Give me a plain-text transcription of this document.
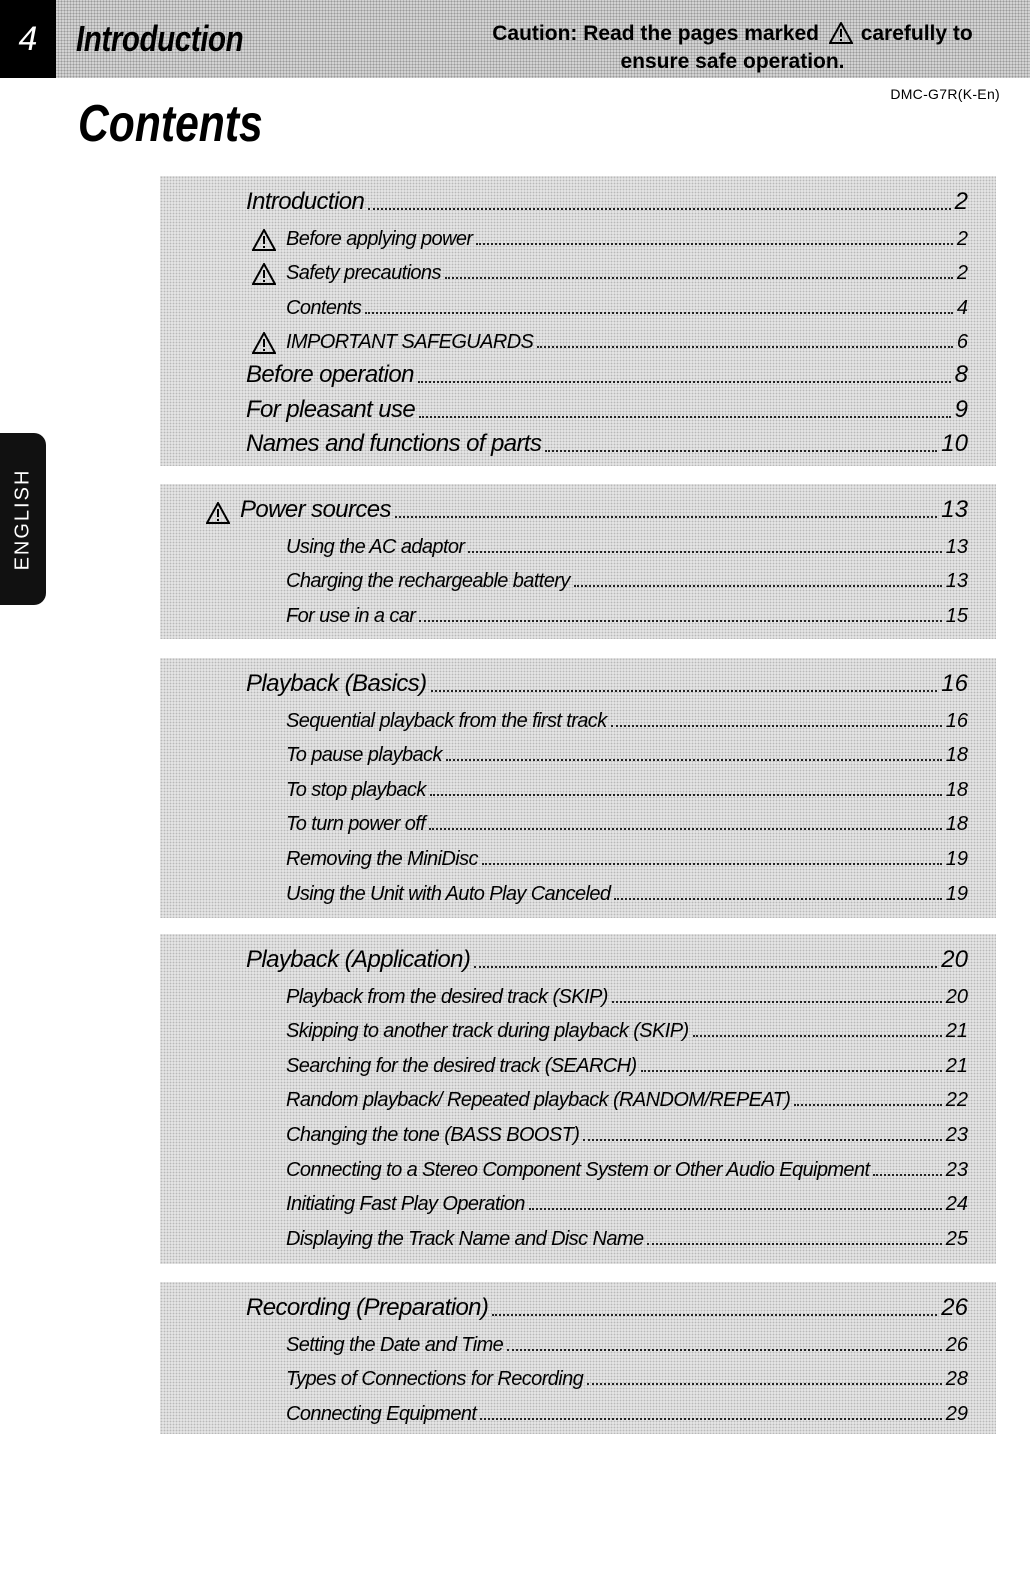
4	Introduction	Caution: Read the pages marked carefully to
ensure safe operation.
DMC-G7R(K-En)
Contents
ENGLISH
Introduction	2
Before applying power	2
Safety precautions	2
Contents	4
IMPORTANT SAFEGUARDS	6
Before operation	8
For pleasant use	9
Names and functions of parts	10
Power sources	13
Using the AC adaptor	13
Charging the rechargeable battery	13
For use in a car	15
Playback (Basics)	16
Sequential playback from the first track	16
To pause playback	18
To stop playback	18
To turn power off	18
Removing the MiniDisc	19
Using the Unit with Auto Play Canceled	19
Playback (Application)	20
Playback from the desired track (SKIP)	20
Skipping to another track during playback (SKIP)	21
Searching for the desired track (SEARCH)	21
Random playback/ Repeated playback (RANDOM/REPEAT)	22
Changing the tone (BASS BOOST)	23
Connecting to a Stereo Component System or Other Audio Equipment	23
Initiating Fast Play Operation	24
Displaying the Track Name and Disc Name	25
Recording (Preparation)	26
Setting the Date and Time	26
Types of Connections for Recording	28
Connecting Equipment	29
